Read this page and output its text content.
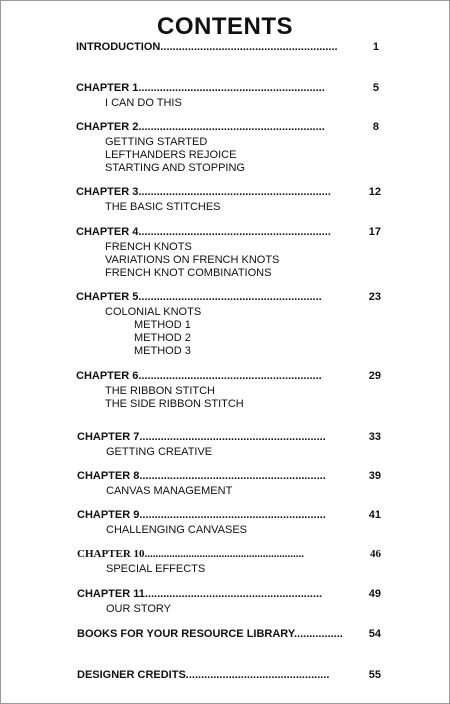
CONTENTS
INTRODUCTION..........................................................	1
CHAPTER 1.............................................................	5
I CAN DO THIS
CHAPTER 2.............................................................	8
GETTING STARTED
LEFTHANDERS REJOICE
STARTING AND STOPPING
CHAPTER 3...............................................................	12
THE BASIC STITCHES
CHAPTER 4...............................................................	17
FRENCH KNOTS
VARIATIONS ON FRENCH KNOTS
FRENCH KNOT COMBINATIONS
CHAPTER 5............................................................	23
COLONIAL KNOTS
METHOD 1
METHOD 2
METHOD 3
CHAPTER 6............................................................	29
THE RIBBON STITCH
THE SIDE RIBBON STITCH
CHAPTER 7.............................................................	33
GETTING CREATIVE
CHAPTER 8.............................................................	39
CANVAS MANAGEMENT
CHAPTER 9.............................................................	41
CHALLENGING CANVASES
CHAPTER 10..........................................................	46
SPECIAL EFFECTS
CHAPTER 11..........................................................	49
OUR STORY
BOOKS FOR YOUR RESOURCE LIBRARY................	54
DESIGNER CREDITS...............................................	55
